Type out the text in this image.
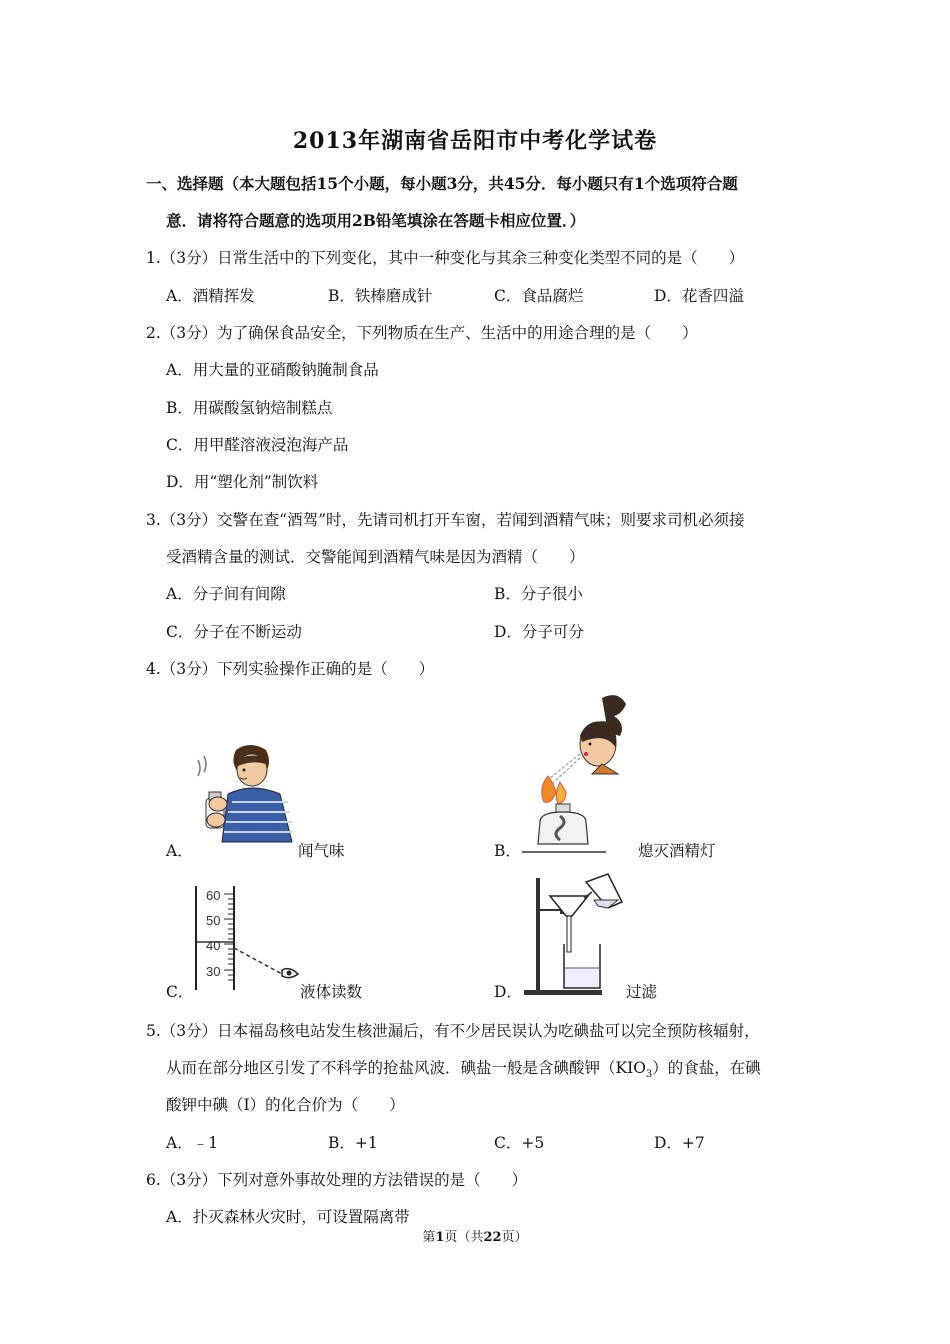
2013年湖南省岳阳市中考化学试卷
一、选择题（本大题包括15个小题，每小题3分，共45分．每小题只有1个选项符合题
意．请将符合题意的选项用2B铅笔填涂在答题卡相应位置．）
1.（3分）日常生活中的下列变化，其中一种变化与其余三种变化类型不同的是（　　）
A．酒精挥发	B．铁棒磨成针	C．食品腐烂	D．花香四溢
2.（3分）为了确保食品安全，下列物质在生产、生活中的用途合理的是（　　）
A．用大量的亚硝酸钠腌制食品
B．用碳酸氢钠焙制糕点
C．用甲醛溶液浸泡海产品
D．用“塑化剂”制饮料
3.（3分）交警在查“酒驾”时，先请司机打开车窗，若闻到酒精气味；则要求司机必须接
受酒精含量的测试．交警能闻到酒精气味是因为酒精（　　）
A．分子间有间隙	B．分子很小
C．分子在不断运动	D．分子可分
4.（3分）下列实验操作正确的是（　　）
A．	闻气味	B．	熄灭酒精灯
60
50
40
30
C．	液体读数	D．	过滤
5.（3分）日本福岛核电站发生核泄漏后，有不少居民误认为吃碘盐可以完全预防核辐射，
从而在部分地区引发了不科学的抢盐风波．碘盐一般是含碘酸钾$(KIO_3)$的食盐，在碘
酸钾中碘（I）的化合价为（　　）
A．﹣1	B．+1	C．+5	D．+7
6.（3分）下列对意外事故处理的方法错误的是（　　）
A．扑灭森林火灾时，可设置隔离带
第1页（共22页）
